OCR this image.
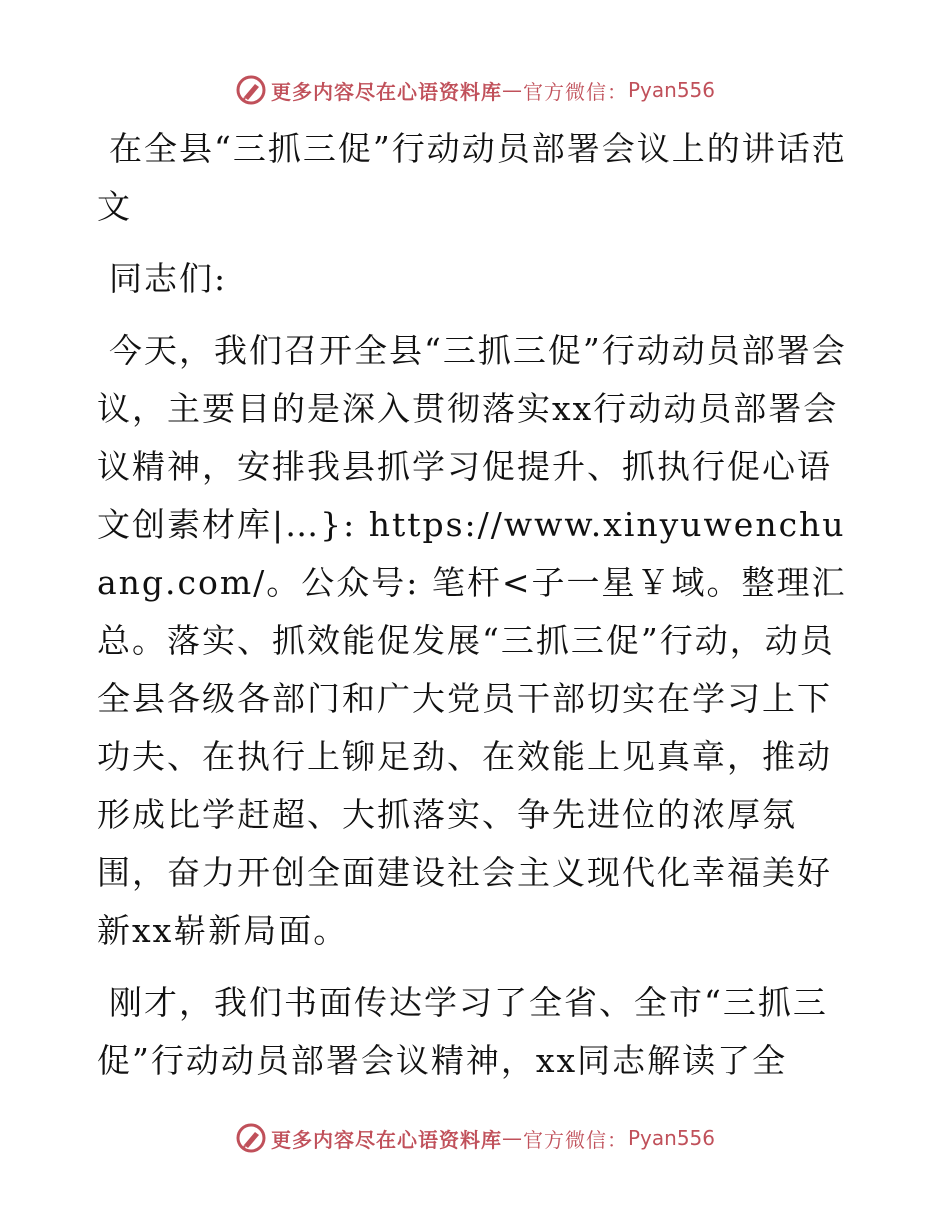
更多内容尽在心语资料库 — 官方微信： Pyan556

在全县“三抓三促”行动动员部署会议上的讲话范文

同志们:

今天，我们召开全县“三抓三促”行动动员部署会议，主要目的是深入贯彻落实xx行动动员部署会议精神，安排我县抓学习促提升、抓执行促心语文创素材库|…}: https://www.xinyuwenchuang.com/。公众号: 笔杆<子一星￥域。整理汇总。落实、抓效能促发展“三抓三促”行动，动员全县各级各部门和广大党员干部切实在学习上下功夫、在执行上铆足劲、在效能上见真章，推动形成比学赶超、大抓落实、争先进位的浓厚氛围，奋力开创全面建设社会主义现代化幸福美好新xx崭新局面。

刚才，我们书面传达学习了全省、全市“三抓三促”行动动员部署会议精神，xx同志解读了全

更多内容尽在心语资料库 — 官方微信： Pyan556
